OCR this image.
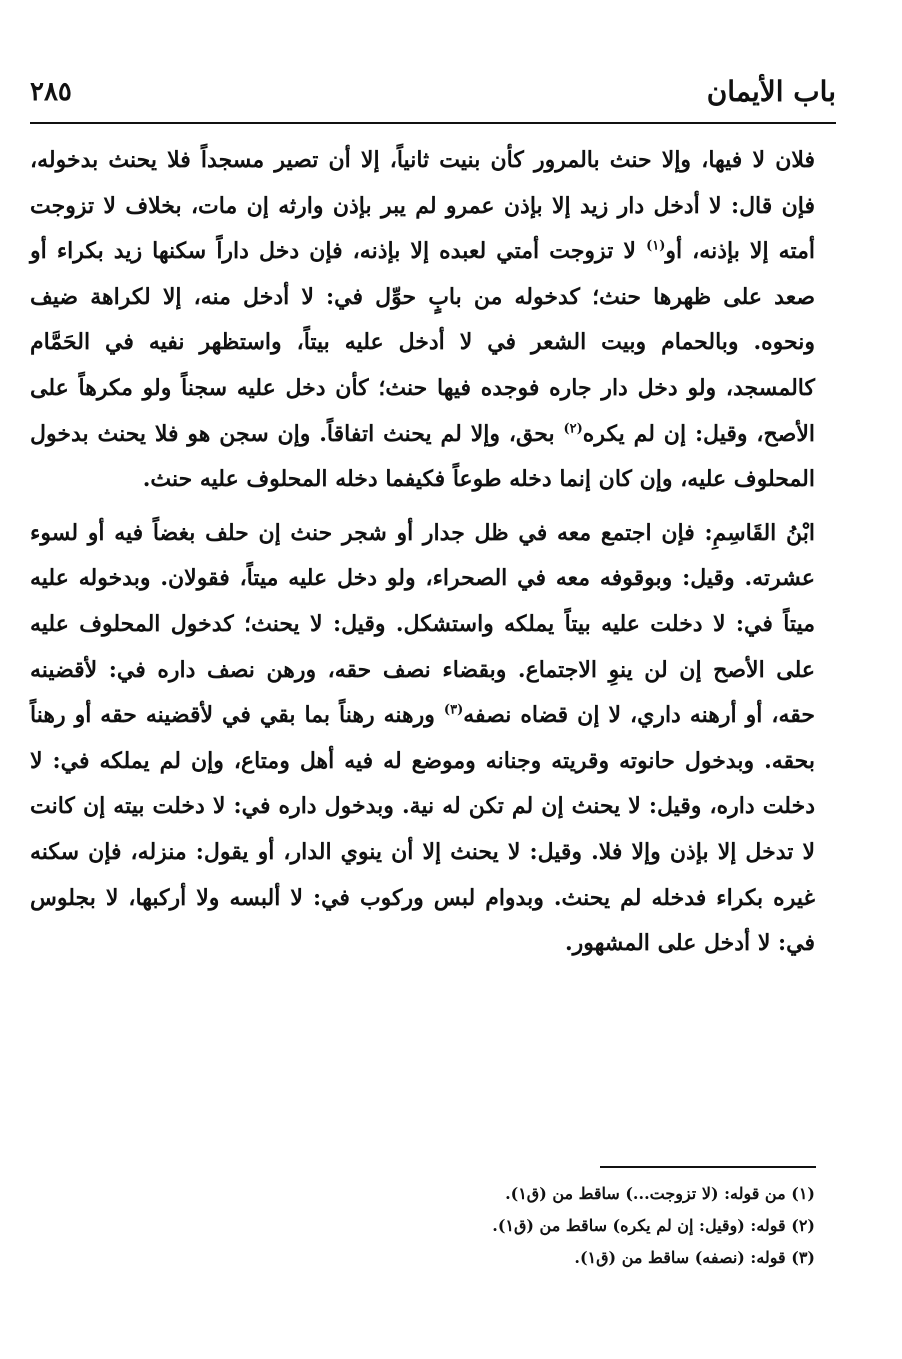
باب الأيمان
٢٨٥

فلان لا فيها، وإلا حنث بالمرور كأن بنيت ثانياً، إلا أن تصير مسجداً فلا يحنث بدخوله، فإن قال: لا أدخل دار زيد إلا بإذن عمرو لم يبر بإذن وارثه إن مات، بخلاف لا تزوجت أمته إلا بإذنه، أو$^{(١)}$ لا تزوجت أمتي لعبده إلا بإذنه، فإن دخل داراً سكنها زيد بكراء أو صعد على ظهرها حنث؛ كدخوله من بابٍ حوِّل في: لا أدخل منه، إلا لكراهة ضيف ونحوه. وبالحمام وبيت الشعر في لا أدخل عليه بيتاً، واستظهر نفيه في الحَمَّام كالمسجد، ولو دخل دار جاره فوجده فيها حنث؛ كأن دخل عليه سجناً ولو مكرهاً على الأصح، وقيل: إن لم يكره$^{(٢)}$ بحق، وإلا لم يحنث اتفاقاً. وإن سجن هو فلا يحنث بدخول المحلوف عليه، وإن كان إنما دخله طوعاً فكيفما دخله المحلوف عليه حنث.

ابْنُ القَاسِمِ: فإن اجتمع معه في ظل جدار أو شجر حنث إن حلف بغضاً فيه أو لسوء عشرته. وقيل: وبوقوفه معه في الصحراء، ولو دخل عليه ميتاً، فقولان. وبدخوله عليه ميتاً في: لا دخلت عليه بيتاً يملكه واستشكل. وقيل: لا يحنث؛ كدخول المحلوف عليه على الأصح إن لن ينوِ الاجتماع. وبقضاء نصف حقه، ورهن نصف داره في: لأقضينه حقه، أو أرهنه داري، لا إن قضاه نصفه$^{(٣)}$ ورهنه رهناً بما بقي في لأقضينه حقه أو رهناً بحقه. وبدخول حانوته وقريته وجنانه وموضع له فيه أهل ومتاع، وإن لم يملكه في: لا دخلت داره، وقيل: لا يحنث إن لم تكن له نية. وبدخول داره في: لا دخلت بيته إن كانت لا تدخل إلا بإذن وإلا فلا. وقيل: لا يحنث إلا أن ينوي الدار، أو يقول: منزله، فإن سكنه غيره بكراء فدخله لم يحنث. وبدوام لبس وركوب في: لا ألبسه ولا أركبها، لا بجلوس في: لا أدخل على المشهور.

(١) من قوله: (لا تزوجت...) ساقط من (ق١).
(٢) قوله: (وقيل: إن لم يكره) ساقط من (ق١).
(٣) قوله: (نصفه) ساقط من (ق١).
